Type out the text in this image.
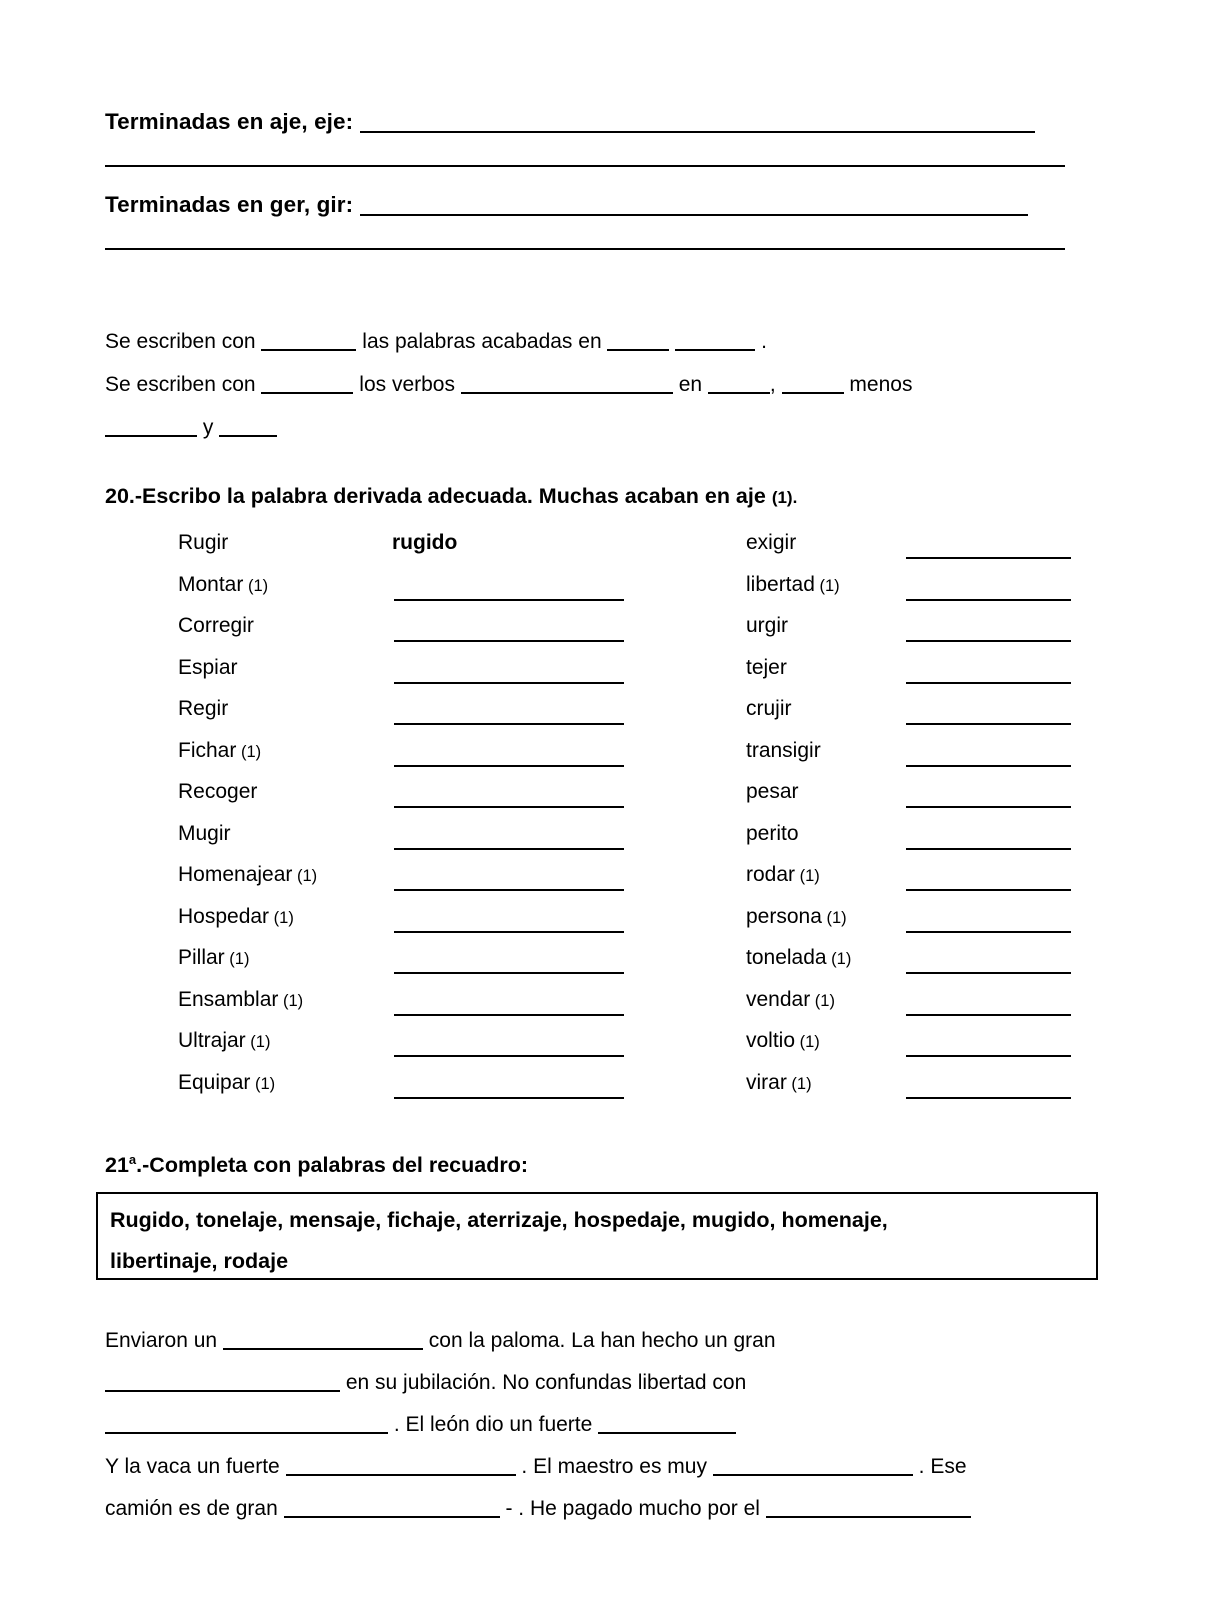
Terminadas en aje, eje:
Terminadas en ger, gir:
Se escriben con	las palabras acabadas en	.
Se escriben con	los verbos	en	,	menos
y
20.-Escribo la palabra derivada adecuada. Muchas acaban en aje (1).
Rugir	rugido	exigir
Montar (1)	libertad (1)
Corregir	urgir
Espiar	tejer
Regir	crujir
Fichar (1)	transigir
Recoger	pesar
Mugir	perito
Homenajear (1)	rodar (1)
Hospedar (1)	persona (1)
Pillar (1)	tonelada (1)
Ensamblar (1)	vendar (1)
Ultrajar (1)	voltio (1)
Equipar (1)	virar (1)
21$^a$.-Completa con palabras del recuadro:
Rugido, tonelaje, mensaje, fichaje, aterrizaje, hospedaje, mugido, homenaje,
libertinaje, rodaje
Enviaron un	con la paloma. La han hecho un gran
en su jubilación. No confundas libertad con
. El león dio un fuerte
Y la vaca un fuerte	. El maestro es muy	. Ese
camión es de gran	- . He pagado mucho por el
